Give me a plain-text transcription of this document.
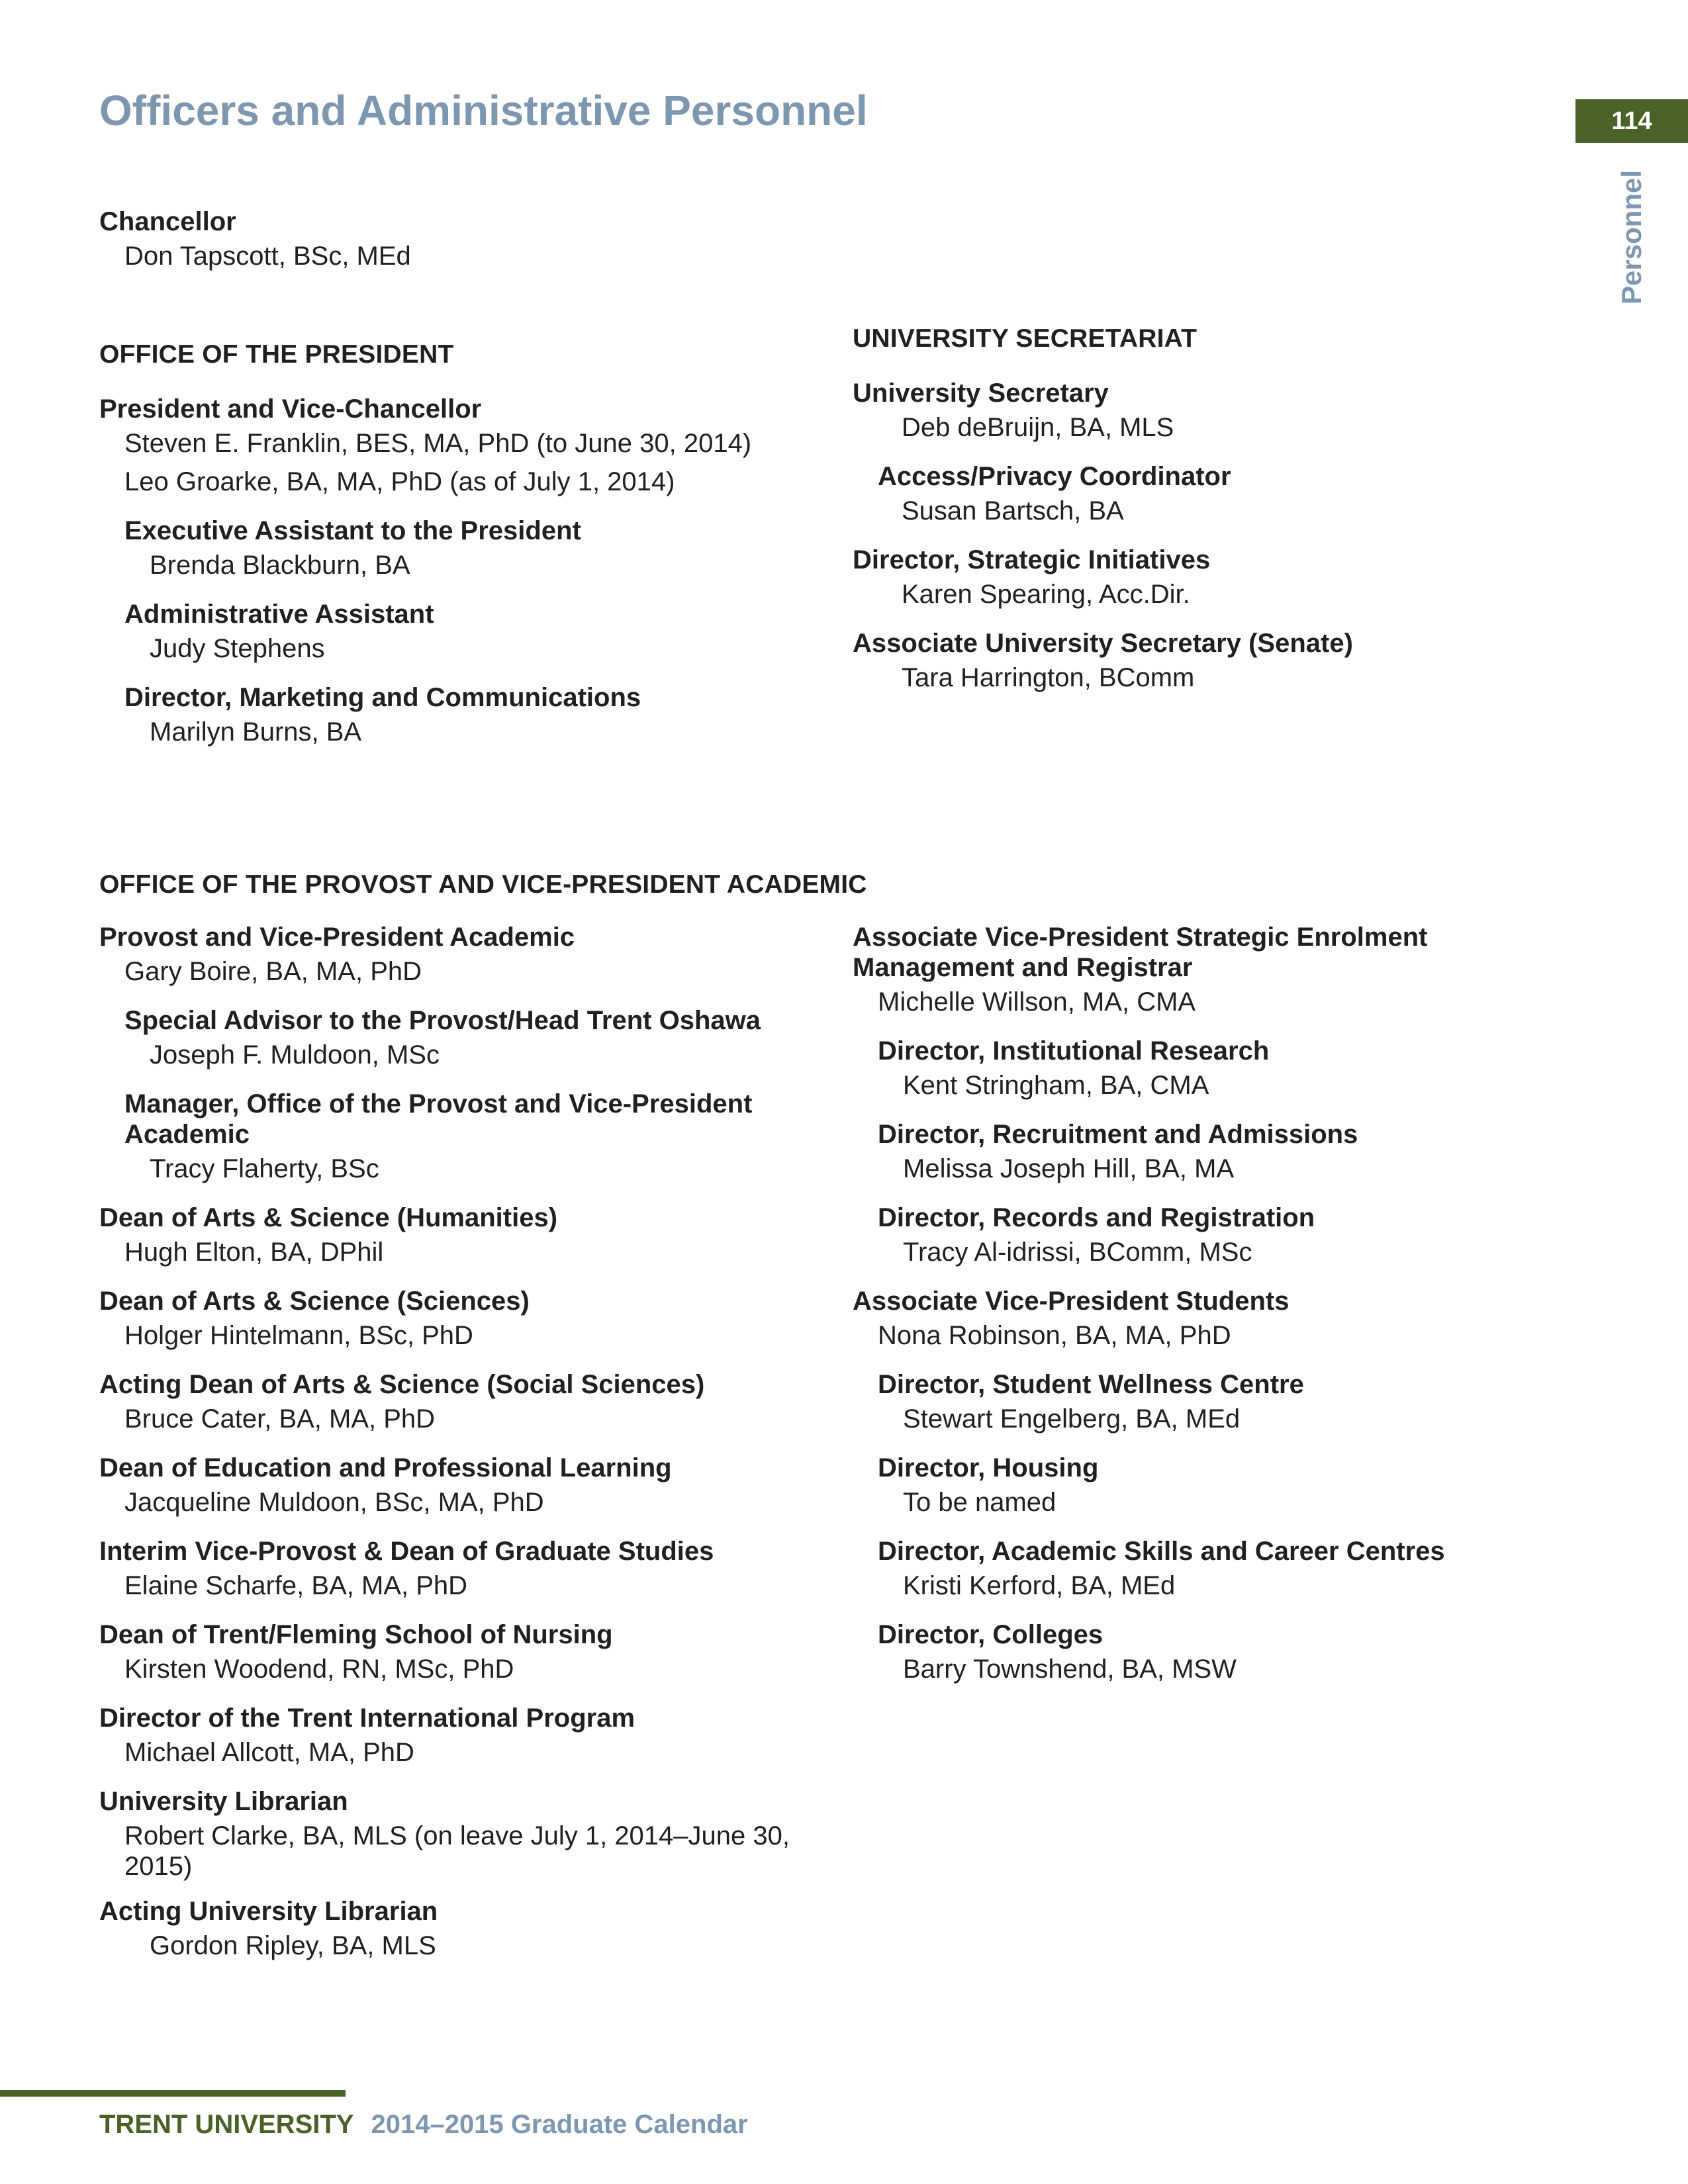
Officers and Administrative Personnel	114
Personnel
Chancellor
Don Tapscott, BSc, MEd
OFFICE OF THE PRESIDENT
President and Vice-Chancellor
Steven E. Franklin, BES, MA, PhD (to June 30, 2014)
Leo Groarke, BA, MA, PhD (as of July 1, 2014)
Executive Assistant to the President
Brenda Blackburn, BA
Administrative Assistant
Judy Stephens
Director, Marketing and Communications
Marilyn Burns, BA
UNIVERSITY SECRETARIAT
University Secretary
Deb deBruijn, BA, MLS
Access/Privacy Coordinator
Susan Bartsch, BA
Director, Strategic Initiatives
Karen Spearing, Acc.Dir.
Associate University Secretary (Senate)
Tara Harrington, BComm
OFFICE OF THE PROVOST AND VICE-PRESIDENT ACADEMIC
Provost and Vice-President Academic
Gary Boire, BA, MA, PhD
Special Advisor to the Provost/Head Trent Oshawa
Joseph F. Muldoon, MSc
Manager, Office of the Provost and Vice-President Academic
Tracy Flaherty, BSc
Dean of Arts & Science (Humanities)
Hugh Elton, BA, DPhil
Dean of Arts & Science (Sciences)
Holger Hintelmann, BSc, PhD
Acting Dean of Arts & Science (Social Sciences)
Bruce Cater, BA, MA, PhD
Dean of Education and Professional Learning
Jacqueline Muldoon, BSc, MA, PhD
Interim Vice-Provost & Dean of Graduate Studies
Elaine Scharfe, BA, MA, PhD
Dean of Trent/Fleming School of Nursing
Kirsten Woodend, RN, MSc, PhD
Director of the Trent International Program
Michael Allcott, MA, PhD
University Librarian
Robert Clarke, BA, MLS (on leave July 1, 2014–June 30, 2015)
Acting University Librarian
Gordon Ripley, BA, MLS
Associate Vice-President Strategic Enrolment Management and Registrar
Michelle Willson, MA, CMA
Director, Institutional Research
Kent Stringham, BA, CMA
Director, Recruitment and Admissions
Melissa Joseph Hill, BA, MA
Director, Records and Registration
Tracy Al-idrissi, BComm, MSc
Associate Vice-President Students
Nona Robinson, BA, MA, PhD
Director, Student Wellness Centre
Stewart Engelberg, BA, MEd
Director, Housing
To be named
Director, Academic Skills and Career Centres
Kristi Kerford, BA, MEd
Director, Colleges
Barry Townshend, BA, MSW
TRENT UNIVERSITY 2014–2015 Graduate Calendar
